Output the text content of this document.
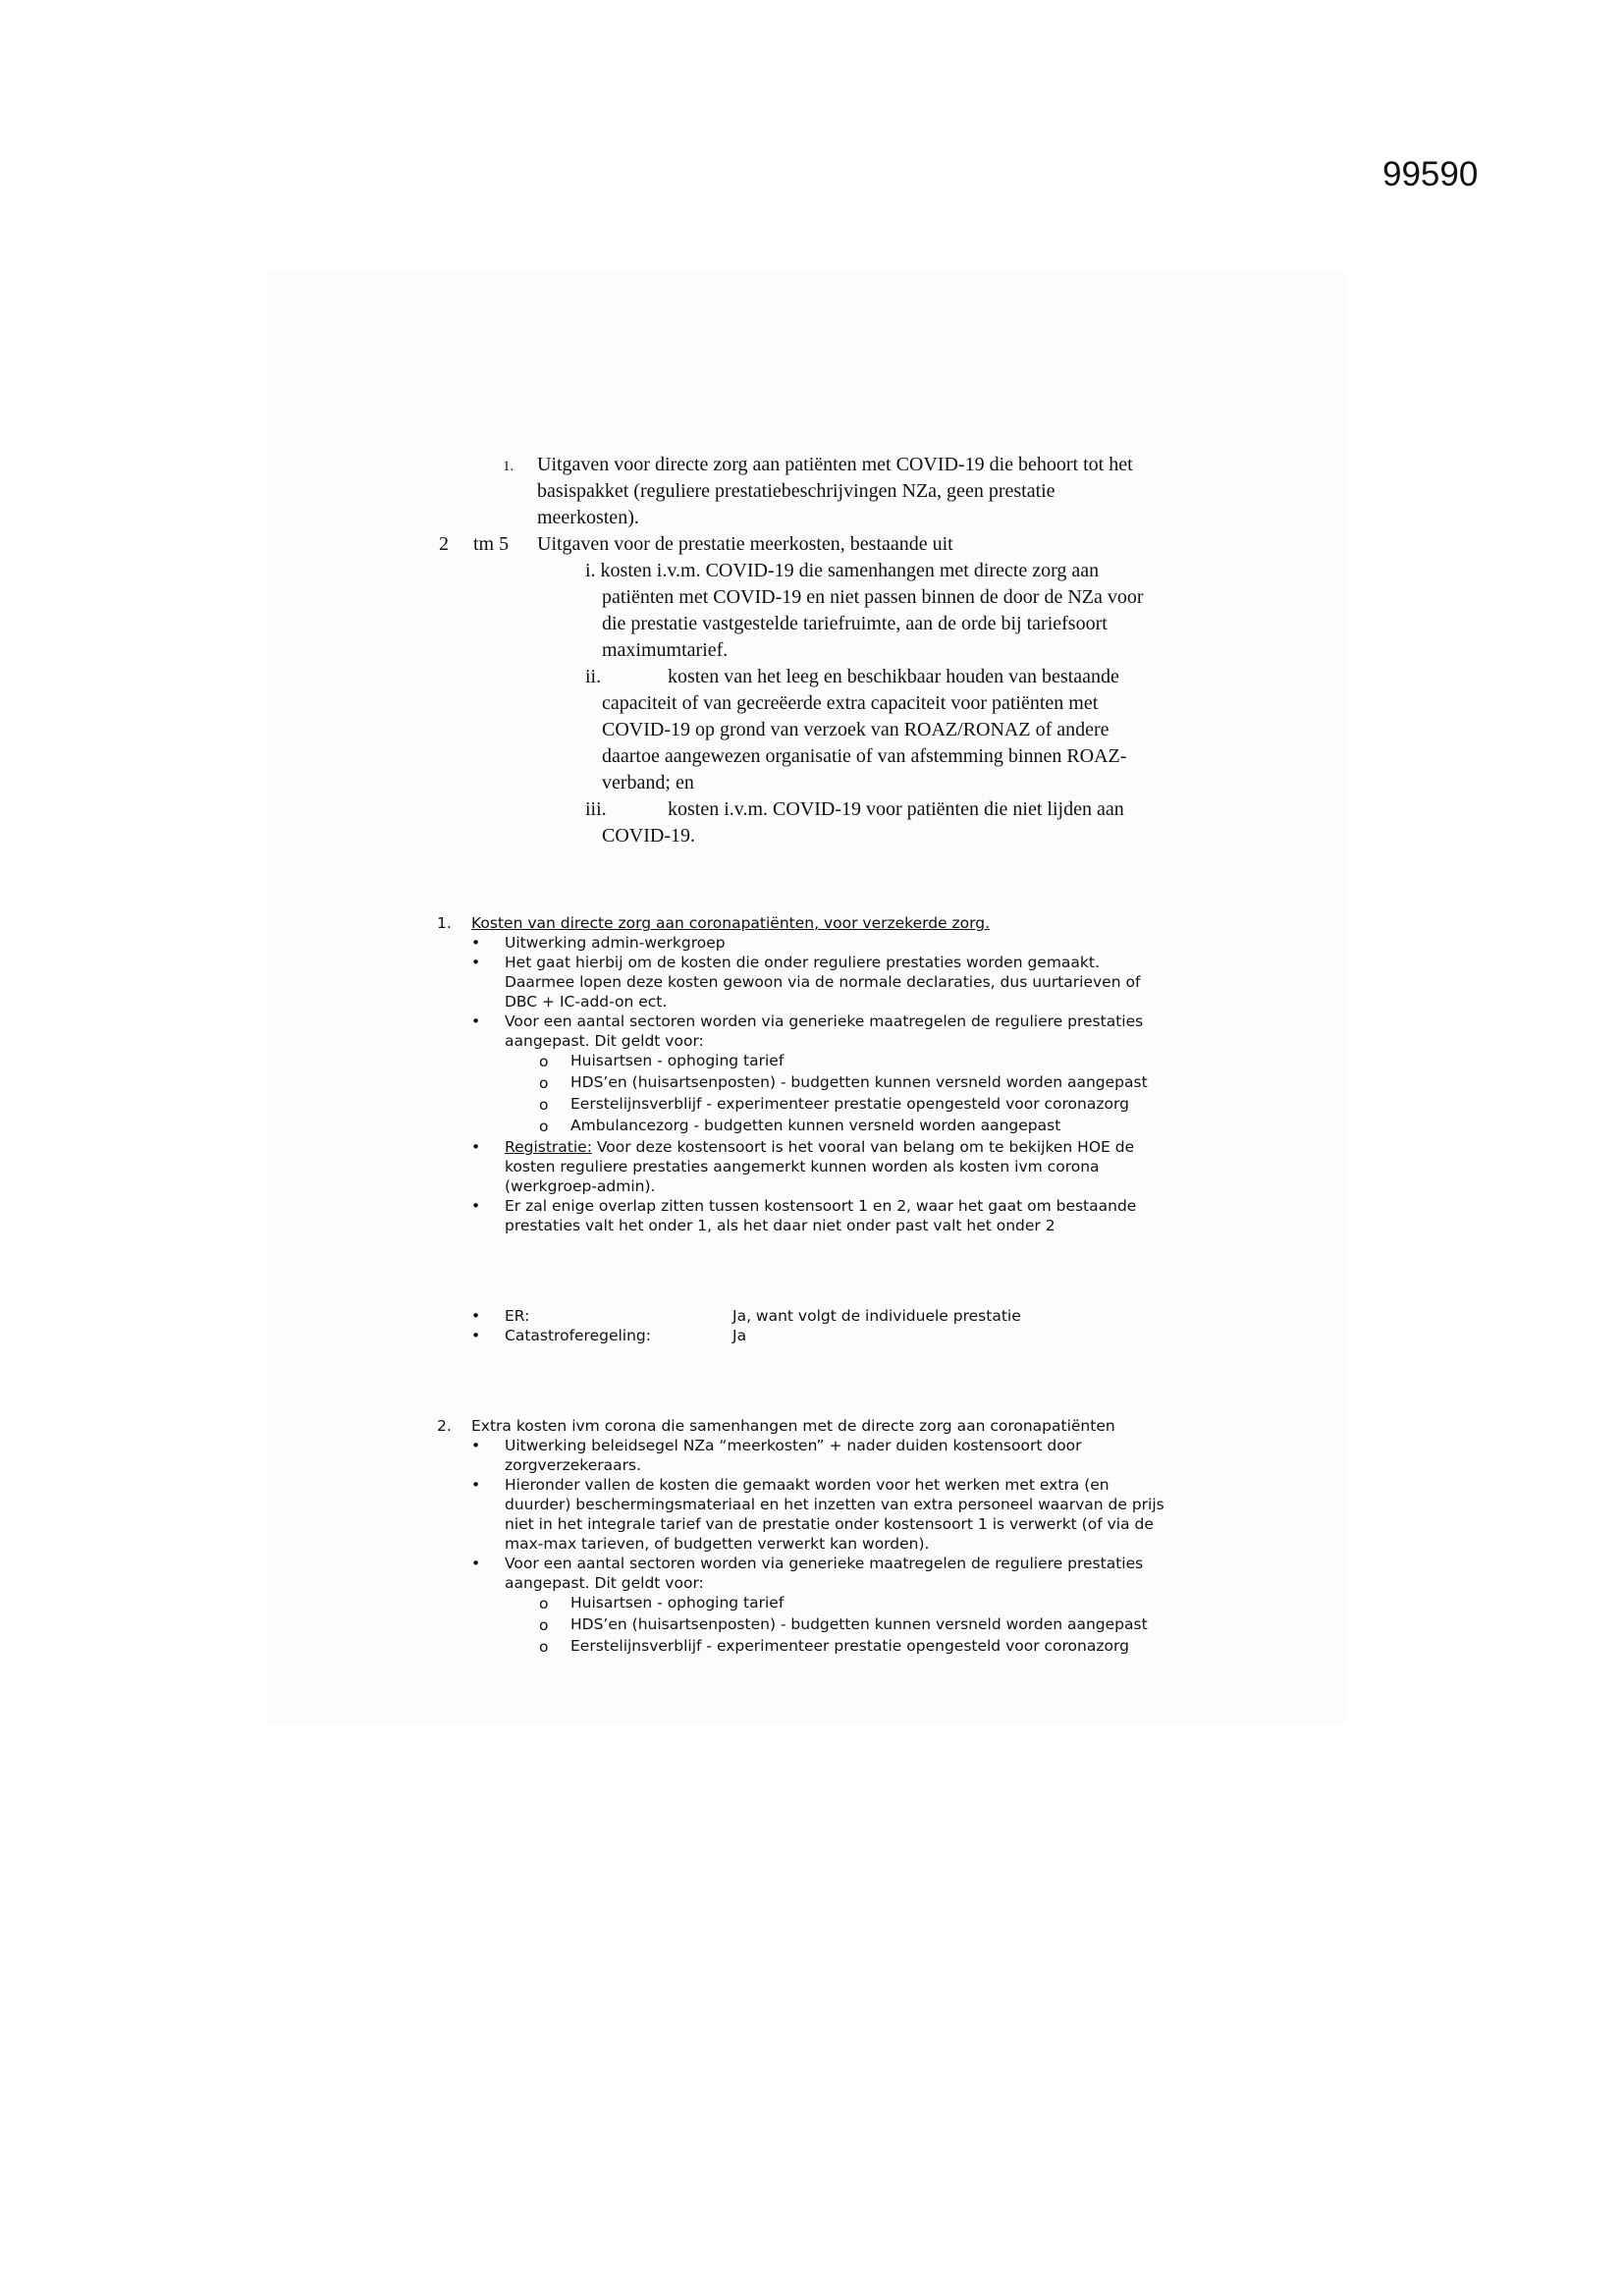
99590
1. Uitgaven voor directe zorg aan patiënten met COVID-19 die behoort tot het
basispakket (reguliere prestatiebeschrijvingen NZa, geen prestatie
meerkosten).
2 tm 5 Uitgaven voor de prestatie meerkosten, bestaande uit
i. kosten i.v.m. COVID-19 die samenhangen met directe zorg aan
patiënten met COVID-19 en niet passen binnen de door de NZa voor
die prestatie vastgestelde tariefruimte, aan de orde bij tariefsoort
maximumtarief.
ii.	kosten van het leeg en beschikbaar houden van bestaande
capaciteit of van gecreëerde extra capaciteit voor patiënten met
COVID-19 op grond van verzoek van ROAZ/RONAZ of andere
daartoe aangewezen organisatie of van afstemming binnen ROAZ-
verband; en
iii.	kosten i.v.m. COVID-19 voor patiënten die niet lijden aan
COVID-19.
1. Kosten van directe zorg aan coronapatiënten, voor verzekerde zorg.
• Uitwerking admin-werkgroep
• Het gaat hierbij om de kosten die onder reguliere prestaties worden gemaakt.
Daarmee lopen deze kosten gewoon via de normale declaraties, dus uurtarieven of
DBC + IC-add-on ect.
• Voor een aantal sectoren worden via generieke maatregelen de reguliere prestaties
aangepast. Dit geldt voor:
o Huisartsen - ophoging tarief
o HDS’en (huisartsenposten) - budgetten kunnen versneld worden aangepast
o Eerstelijnsverblijf - experimenteer prestatie opengesteld voor coronazorg
o Ambulancezorg - budgetten kunnen versneld worden aangepast
• Registratie: Voor deze kostensoort is het vooral van belang om te bekijken HOE de
kosten reguliere prestaties aangemerkt kunnen worden als kosten ivm corona
(werkgroep-admin).
• Er zal enige overlap zitten tussen kostensoort 1 en 2, waar het gaat om bestaande
prestaties valt het onder 1, als het daar niet onder past valt het onder 2
• ER:	Ja, want volgt de individuele prestatie
• Catastroferegeling:	Ja
2. Extra kosten ivm corona die samenhangen met de directe zorg aan coronapatiënten
• Uitwerking beleidsegel NZa “meerkosten” + nader duiden kostensoort door
zorgverzekeraars.
• Hieronder vallen de kosten die gemaakt worden voor het werken met extra (en
duurder) beschermingsmateriaal en het inzetten van extra personeel waarvan de prijs
niet in het integrale tarief van de prestatie onder kostensoort 1 is verwerkt (of via de
max-max tarieven, of budgetten verwerkt kan worden).
• Voor een aantal sectoren worden via generieke maatregelen de reguliere prestaties
aangepast. Dit geldt voor:
o Huisartsen - ophoging tarief
o HDS’en (huisartsenposten) - budgetten kunnen versneld worden aangepast
o Eerstelijnsverblijf - experimenteer prestatie opengesteld voor coronazorg
